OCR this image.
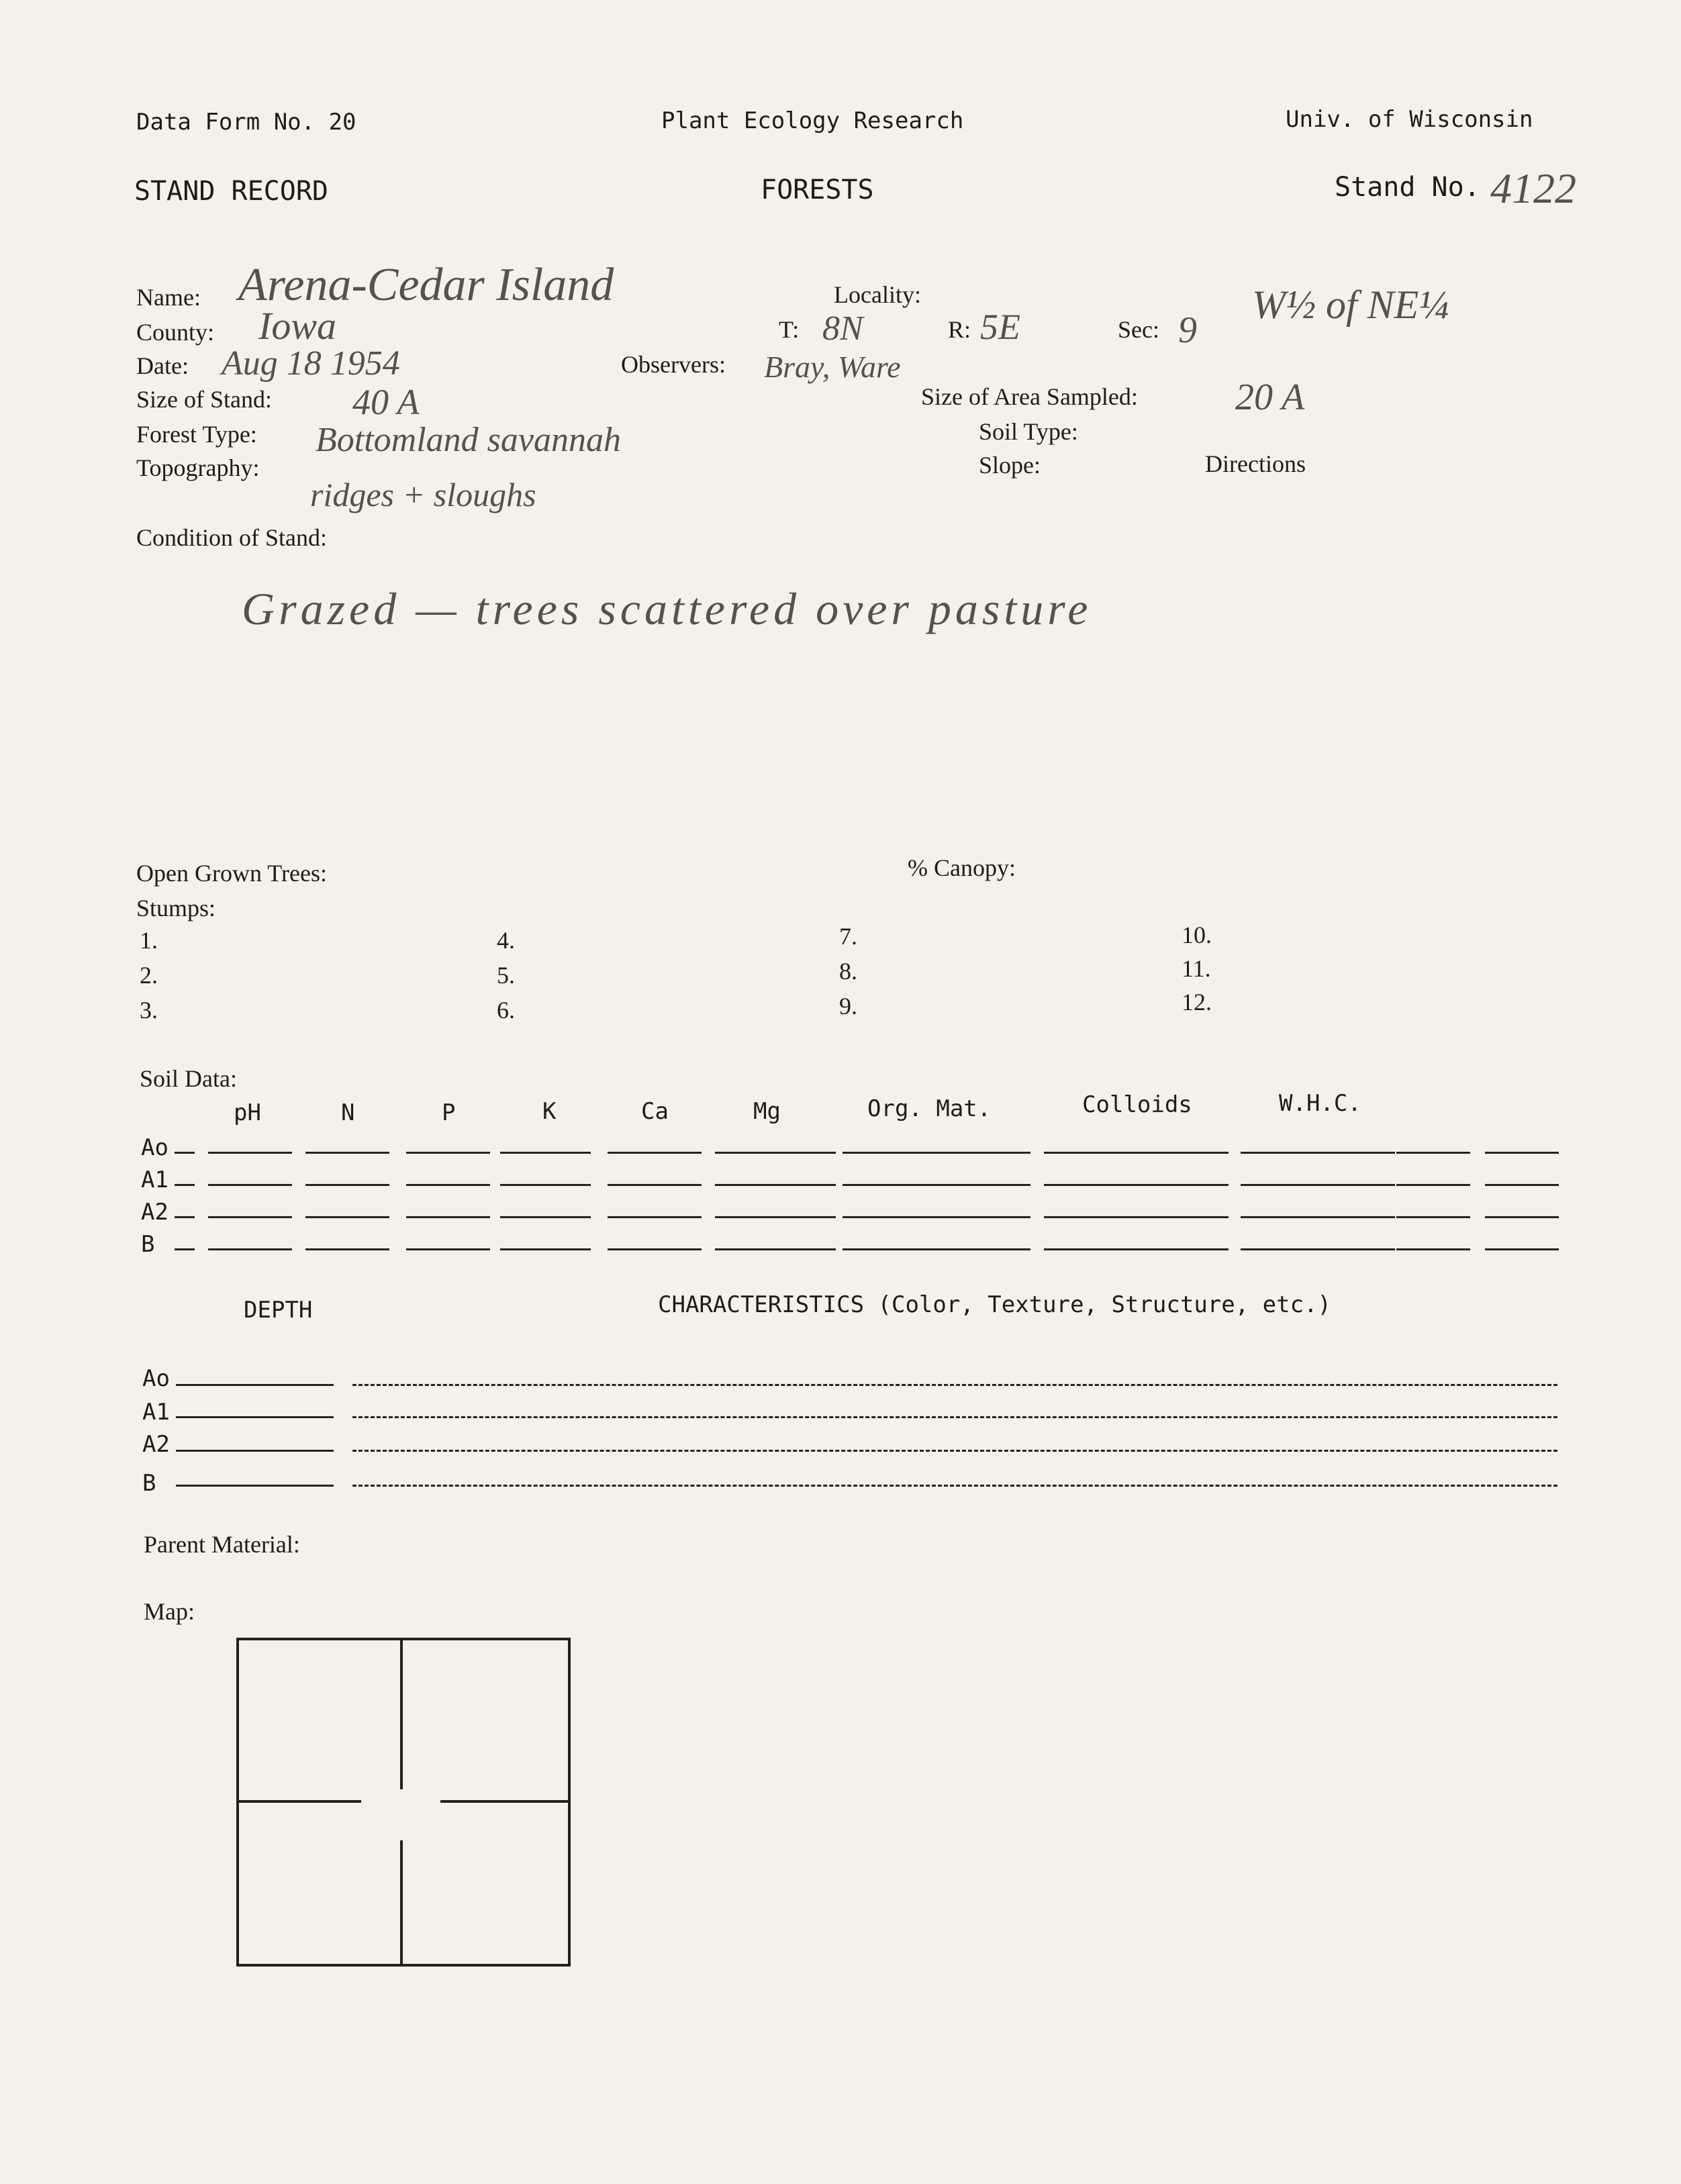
Data Form No. 20	Plant Ecology Research	Univ. of Wisconsin
STAND RECORD	FORESTS	Stand No. 4122
Name: Arena-Cedar Island
County: Iowa
Date: Aug 18 1954
Size of Stand: 40 A
Forest Type: Bottomland savannah
Topography:
ridges + sloughs
Locality:
T: 8N	R: 5E	Sec: 9
W½ of NE¼
Observers: Bray, Ware
Size of Area Sampled:	20 A
Soil Type:
Slope:	Directions
Condition of Stand:
Grazed — trees scattered over pasture
Open Grown Trees:	% Canopy:
Stumps:
1.
2.
3.
4.
5.
6.
7.
8.
9.
10.
11.
12.
Soil Data:
pH	N	P	K	Ca	Mg	Org. Mat.	Colloids	W.H.C.
Ao
A1
A2
B
DEPTH	CHARACTERISTICS (Color, Texture, Structure, etc.)
Ao
A1
A2
B
Parent Material:
Map:
